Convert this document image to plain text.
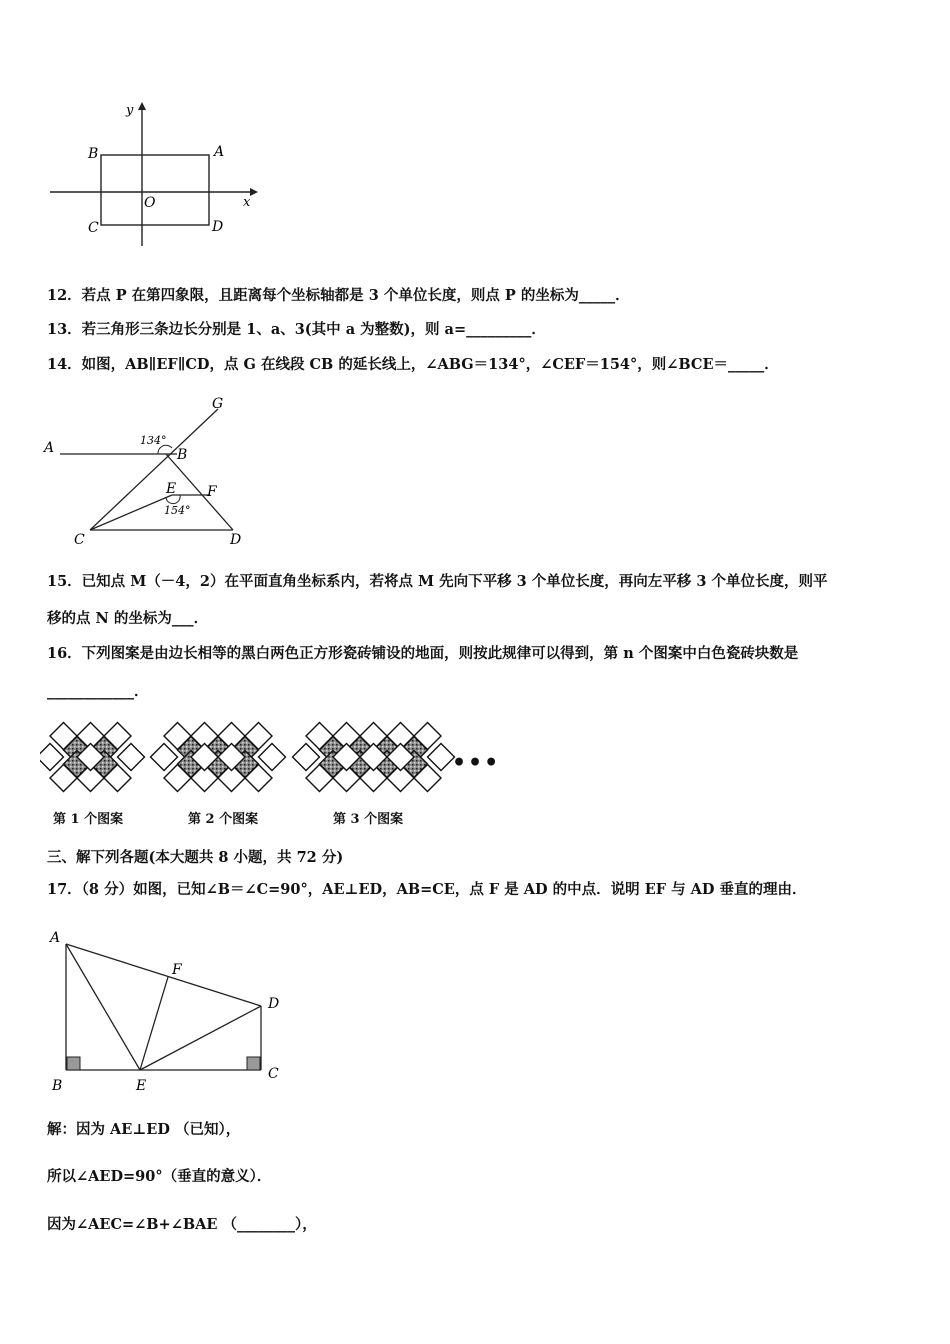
y
x
B	A
C	D
O
12．若点 P 在第四象限，且距离每个坐标轴都是 3 个单位长度，则点 P 的坐标为_____．
13．若三角形三条边长分别是 1、a、3(其中 a 为整数)，则 a=_________．
14．如图，AB∥EF∥CD，点 G 在线段 CB 的延长线上，∠ABG＝134°，∠CEF＝154°，则∠BCE＝_____．
A
G
B
E F
C	D
134°
154°
15．已知点 M（－4，2）在平面直角坐标系内，若将点 M 先向下平移 3 个单位长度，再向左平移 3 个单位长度，则平
移的点 N 的坐标为___．
16．下列图案是由边长相等的黑白两色正方形瓷砖铺设的地面，则按此规律可以得到，第 n 个图案中白色瓷砖块数是
____________．
•••
第 1 个图案	第 2 个图案	第 3 个图案
三、解下列各题(本大题共 8 小题，共 72 分)
17．（8 分）如图，已知∠B＝∠C=90°，AE⊥ED，AB=CE，点 F 是 AD 的中点．说明 EF 与 AD 垂直的理由．
A
F
D
B	E
C
解：因为 AE⊥ED （已知），
所以∠AED=90°（垂直的意义）．
因为∠AEC=∠B+∠BAE （________），
